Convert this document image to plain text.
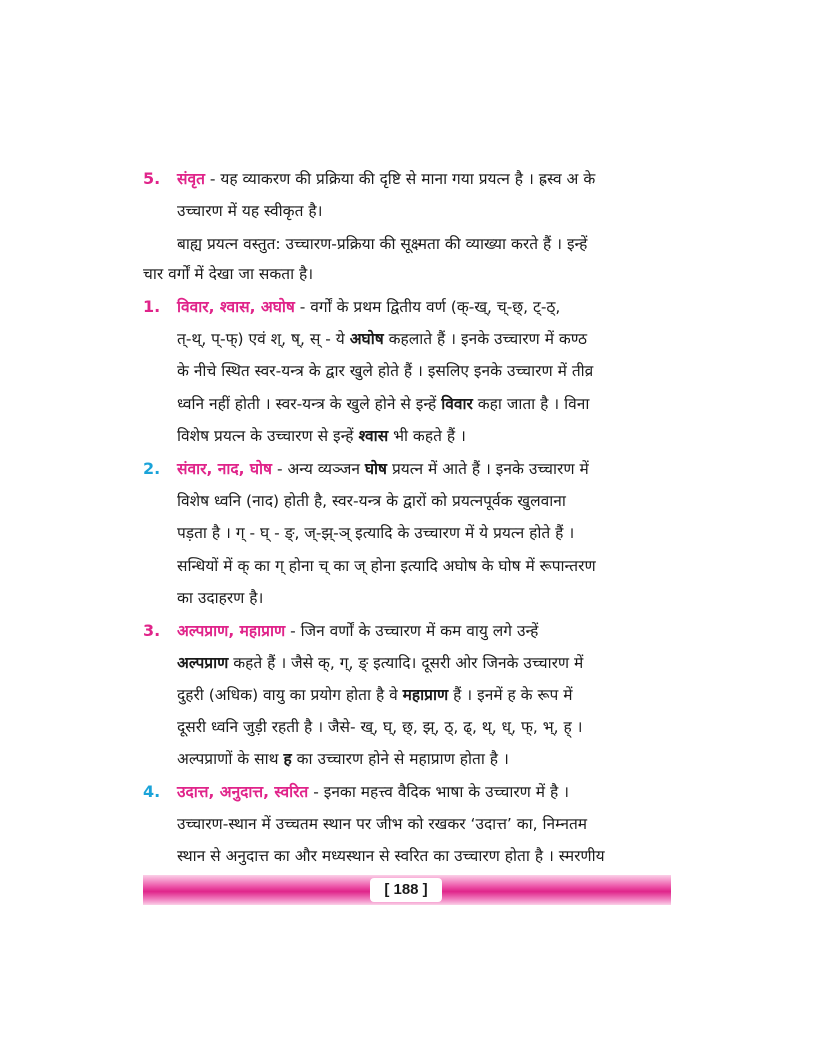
5. संवृत - यह व्याकरण की प्रक्रिया की दृष्टि से माना गया प्रयत्न है । ह्रस्व अ के
उच्चारण में यह स्वीकृत है।
बाह्य प्रयत्न वस्तुत: उच्चारण-प्रक्रिया की सूक्ष्मता की व्याख्या करते हैं । इन्हें
चार वर्गों में देखा जा सकता है।
1. विवार, श्वास, अघोष - वर्गों के प्रथम द्वितीय वर्ण (क्-ख्, च्-छ्, ट्-ठ्,
त्-थ्, प्-फ्) एवं श्, ष्, स् - ये अघोष कहलाते हैं । इनके उच्चारण में कण्ठ
के नीचे स्थित स्वर-यन्त्र के द्वार खुले होते हैं । इसलिए इनके उच्चारण में तीव्र
ध्वनि नहीं होती । स्वर-यन्त्र के खुले होने से इन्हें विवार कहा जाता है । विना
विशेष प्रयत्न के उच्चारण से इन्हें श्वास भी कहते हैं ।
2. संवार, नाद, घोष - अन्य व्यञ्जन घोष प्रयत्न में आते हैं । इनके उच्चारण में
विशेष ध्वनि (नाद) होती है, स्वर-यन्त्र के द्वारों को प्रयत्नपूर्वक खुलवाना
पड़ता है । ग् - घ् - ङ्, ज्-झ्-ञ् इत्यादि के उच्चारण में ये प्रयत्न होते हैं ।
सन्धियों में क् का ग् होना च् का ज् होना इत्यादि अघोष के घोष में रूपान्तरण
का उदाहरण है।
3. अल्पप्राण, महाप्राण - जिन वर्णों के उच्चारण में कम वायु लगे उन्हें
अल्पप्राण कहते हैं । जैसे क्, ग्, ङ् इत्यादि। दूसरी ओर जिनके उच्चारण में
दुहरी (अधिक) वायु का प्रयोग होता है वे महाप्राण हैं । इनमें ह के रूप में
दूसरी ध्वनि जुड़ी रहती है । जैसे- ख्, घ्, छ्, झ्, ठ्, ढ्, थ्, ध्, फ्, भ्, ह् ।
अल्पप्राणों के साथ ह का उच्चारण होने से महाप्राण होता है ।
4. उदात्त, अनुदात्त, स्वरित - इनका महत्त्व वैदिक भाषा के उच्चारण में है ।
उच्चारण-स्थान में उच्चतम स्थान पर जीभ को रखकर ‘उदात्त’ का, निम्नतम
स्थान से अनुदात्त का और मध्यस्थान से स्वरित का उच्चारण होता है । स्मरणीय
[ 188 ]
